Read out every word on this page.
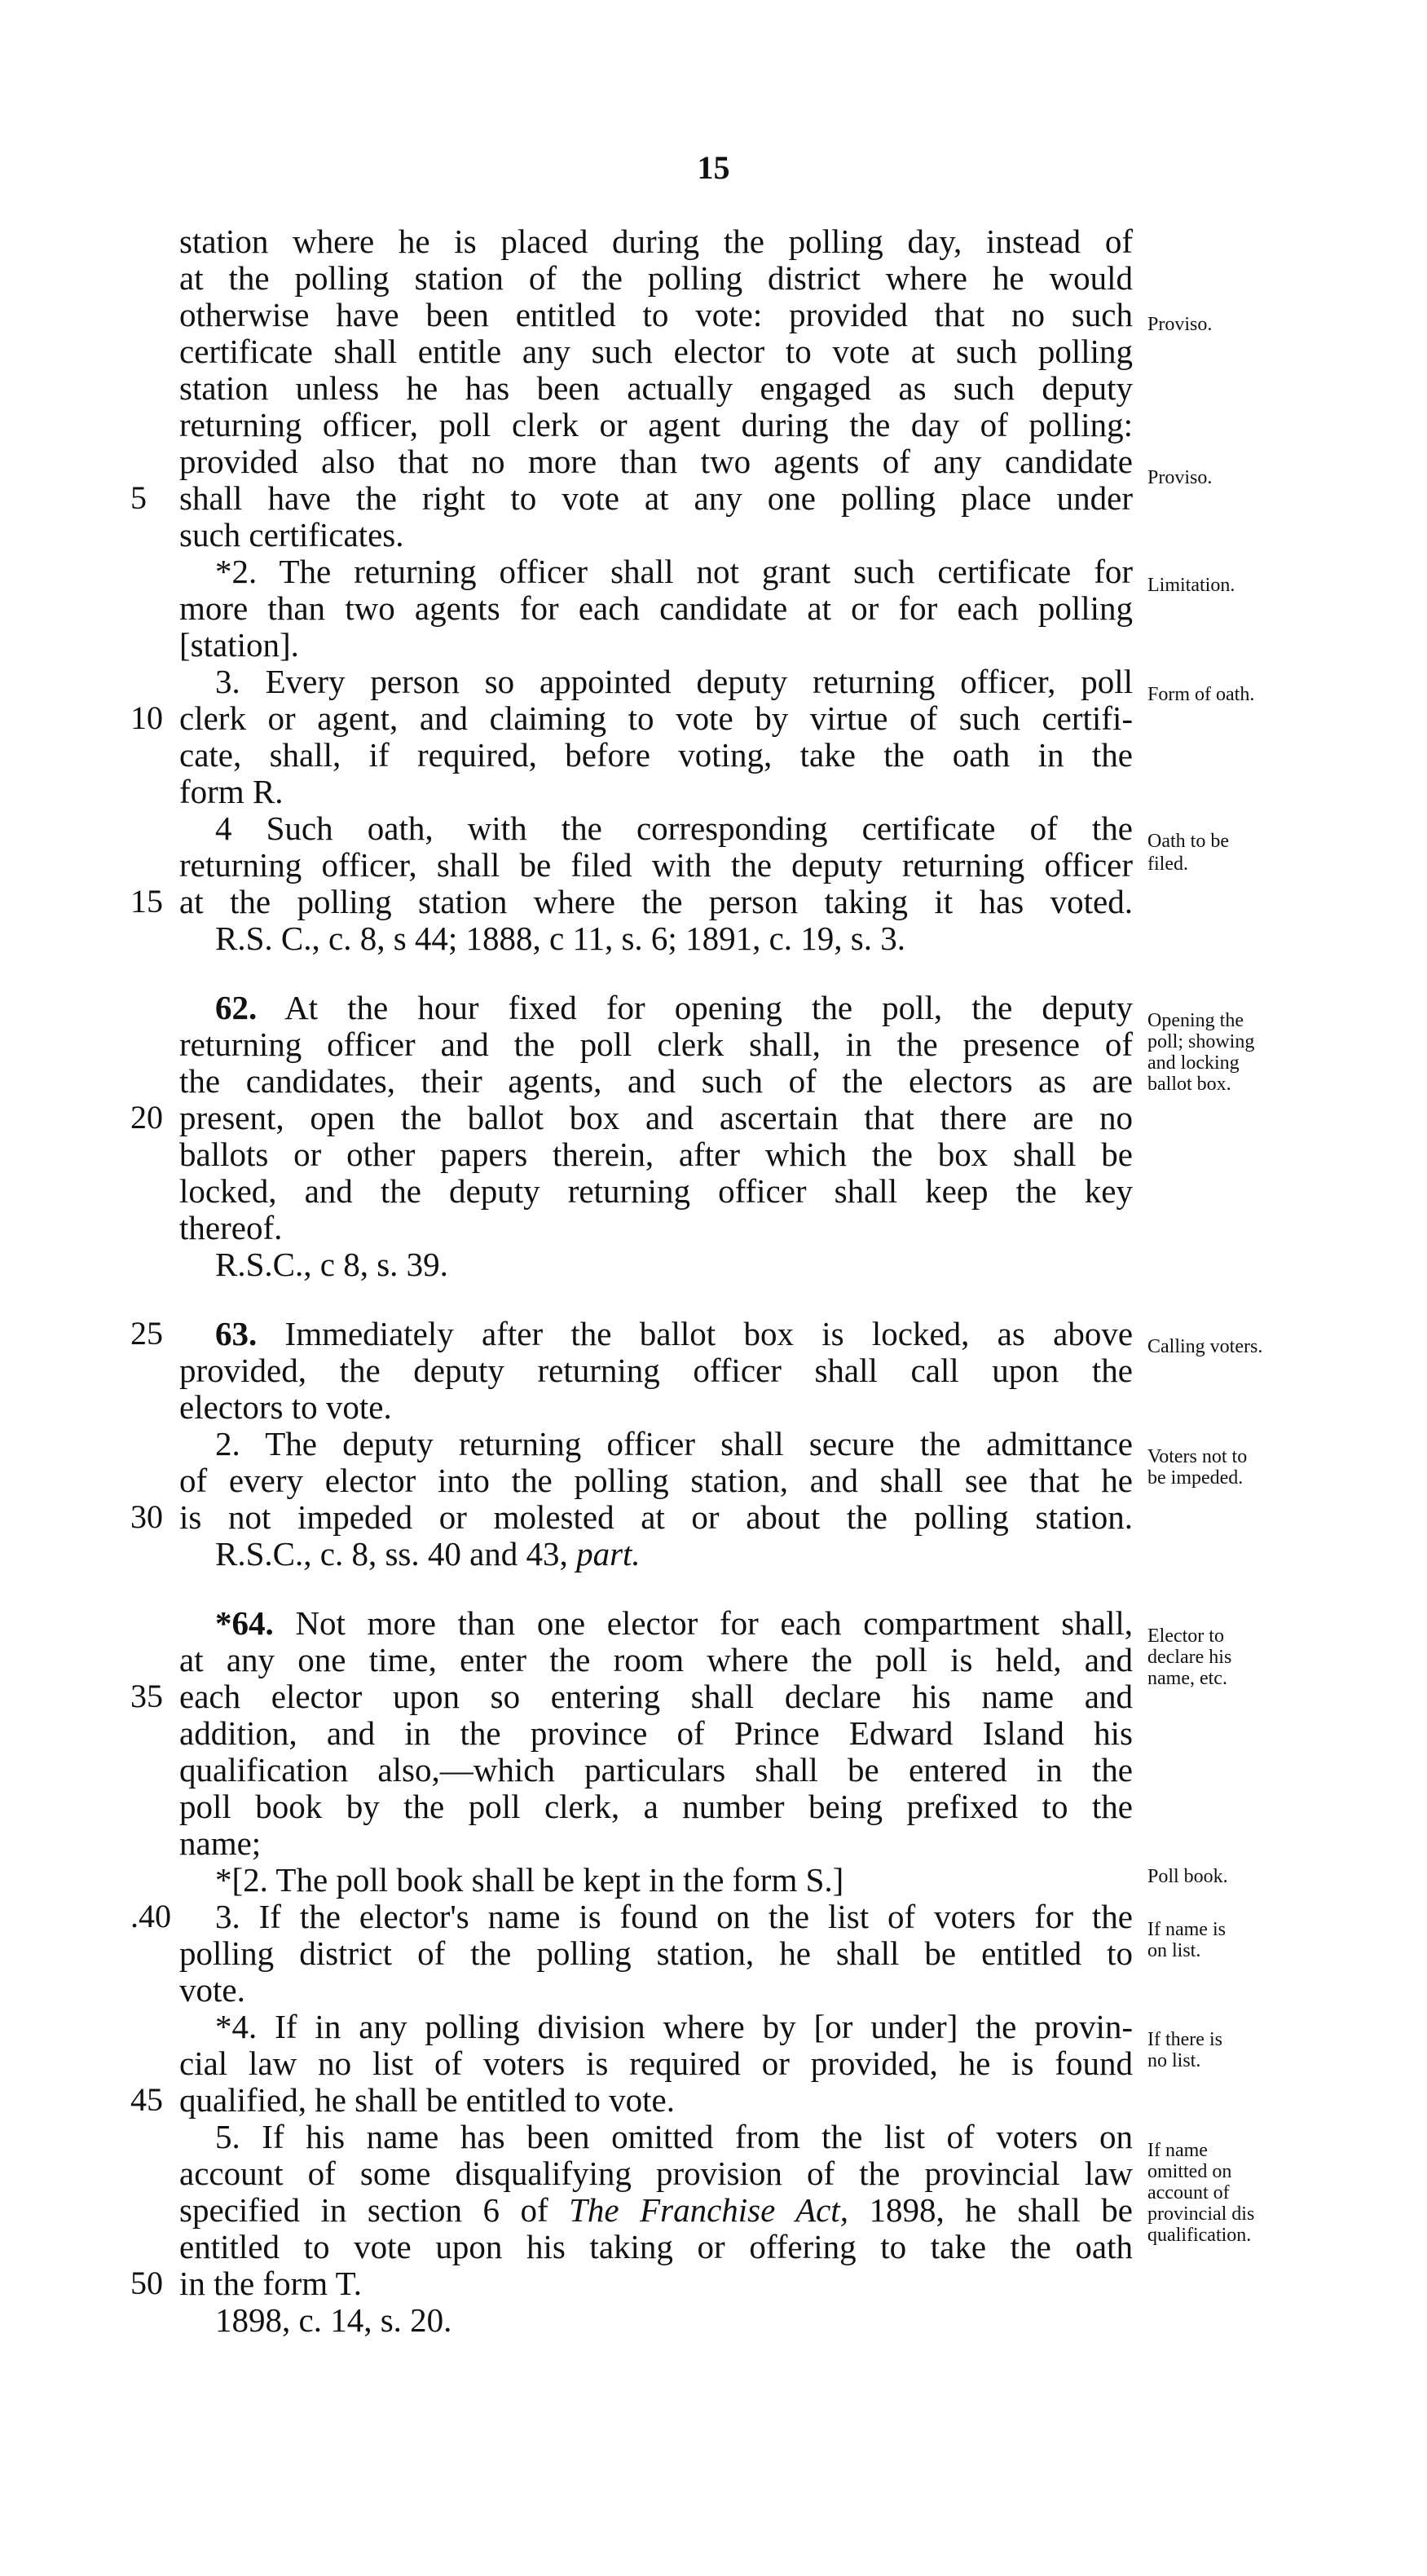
15
station where he is placed during the polling day, instead of
at the polling station of the polling district where he would
otherwise have been entitled to vote: provided that no such
certificate shall entitle any such elector to vote at such polling
station unless he has been actually engaged as such deputy
returning officer, poll clerk or agent during the day of polling:
provided also that no more than two agents of any candidate
shall have the right to vote at any one polling place under
such certificates.
*2. The returning officer shall not grant such certificate for
more than two agents for each candidate at or for each polling
[station].
3. Every person so appointed deputy returning officer, poll
clerk or agent, and claiming to vote by virtue of such certifi-
cate, shall, if required, before voting, take the oath in the
form R.
4 Such oath, with the corresponding certificate of the
returning officer, shall be filed with the deputy returning officer
at the polling station where the person taking it has voted.
R.S. C., c. 8, s 44; 1888, c 11, s. 6; 1891, c. 19, s. 3.
62. At the hour fixed for opening the poll, the deputy
returning officer and the poll clerk shall, in the presence of
the candidates, their agents, and such of the electors as are
present, open the ballot box and ascertain that there are no
ballots or other papers therein, after which the box shall be
locked, and the deputy returning officer shall keep the key
thereof.
R.S.C., c 8, s. 39.
63. Immediately after the ballot box is locked, as above
provided, the deputy returning officer shall call upon the
electors to vote.
2. The deputy returning officer shall secure the admittance
of every elector into the polling station, and shall see that he
is not impeded or molested at or about the polling station.
R.S.C., c. 8, ss. 40 and 43, part.
*64. Not more than one elector for each compartment shall,
at any one time, enter the room where the poll is held, and
each elector upon so entering shall declare his name and
addition, and in the province of Prince Edward Island his
qualification also,—which particulars shall be entered in the
poll book by the poll clerk, a number being prefixed to the
name;
*[2. The poll book shall be kept in the form S.]
3. If the elector's name is found on the list of voters for the
polling district of the polling station, he shall be entitled to
vote.
*4. If in any polling division where by [or under] the provin-
cial law no list of voters is required or provided, he is found
qualified, he shall be entitled to vote.
5. If his name has been omitted from the list of voters on
account of some disqualifying provision of the provincial law
specified in section 6 of The Franchise Act, 1898, he shall be
entitled to vote upon his taking or offering to take the oath
in the form T.
1898, c. 14, s. 20.
5
10
15
20
25
30
35
.40
45
50
Proviso.
Proviso.
Limitation.
Form of oath.
Oath to be
filed.
Opening the
poll; showing
and locking
ballot box.
Calling voters.
Voters not to
be impeded.
Elector to
declare his
name, etc.
Poll book.
If name is
on list.
If there is
no list.
If name
omitted on
account of
provincial dis
qualification.
